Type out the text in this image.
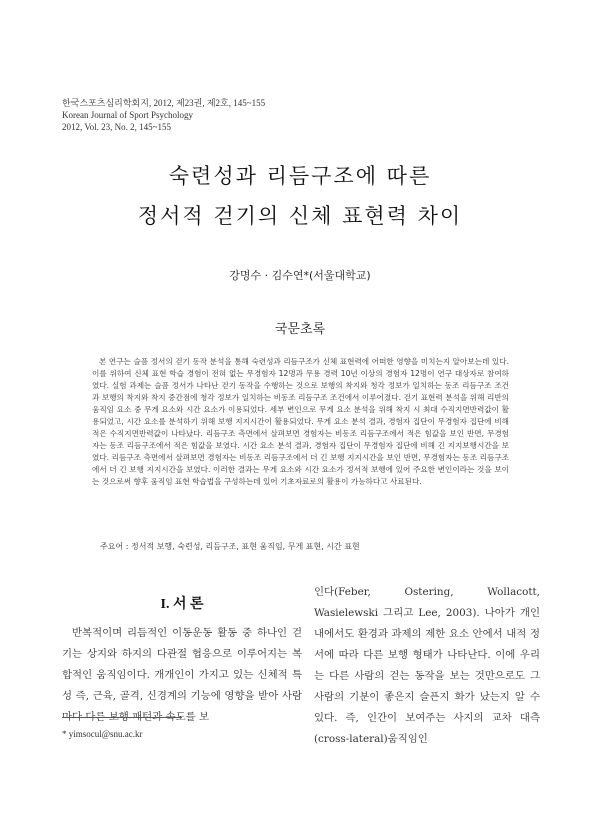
한국스포츠심리학회지, 2012, 제23권, 제2호, 145~155
Korean Journal of Sport Psychology
2012, Vol. 23, No. 2, 145~155
숙련성과 리듬구조에 따른
정서적 걷기의 신체 표현력 차이
강명수 · 김수연*(서울대학교)
국문초록

본 연구는 슬픔 정서의 걷기 동작 분석을 통해 숙련성과 리듬구조가 신체 표현력에 어떠한 영향을 미치는지 알아보는데 있다. 이를 위하여 신체 표현 학습 경험이 전혀 없는 무경험자 12명과 무용 경력 10년 이상의 경험자 12명이 연구 대상자로 참여하였다. 실험 과제는 슬픔 정서가 나타난 걷기 동작을 수행하는 것으로 보행의 착지와 청각 정보가 일치하는 동조 리듬구조 조건과 보행의 착지와 착지 중간점에 청각 정보가 일치하는 비동조 리듬구조 조건에서 이루어졌다. 걷기 표현력 분석을 위해 리반의 움직임 요소 중 무게 요소와 시간 요소가 이용되었다. 세부 변인으로 무게 요소 분석을 위해 착지 시 최대 수직지면반력값이 활용되었고, 시간 요소를 분석하기 위해 보행 지지시간이 활용되었다. 무게 요소 분석 결과, 경험자 집단이 무경험자 집단에 비해 적은 수직지면반력값이 나타났다. 리듬구조 측면에서 살펴보면 경험자는 비동조 리듬구조에서 적은 힘값을 보인 반면, 무경험자는 동조 리듬구조에서 적은 힘값을 보였다. 시간 요소 분석 결과, 경험자 집단이 무경험자 집단에 비해 긴 지지보행시간을 보였다. 리듬구조 측면에서 살펴보면 경험자는 비동조 리듬구조에서 더 긴 보행 지지시간을 보인 반면, 무경험자는 동조 리듬구조에서 더 긴 보행 지지시간을 보였다. 이러한 결과는 무게 요소와 시간 요소가 정서적 보행에 있어 주요한 변인이라는 것을 보이는 것으로써 향후 움직임 표현 학습법을 구성하는데 있어 기초자료로의 활용이 가능하다고 사료된다.

주요어 : 정서적 보행, 숙련성, 리듬구조, 표현 움직임, 무게 표현, 시간 표현
I. 서 론

반복적이며 리듬적인 이동운동 활동 중 하나인 걷기는 상지와 하지의 다관절 협응으로 이루어지는 복합적인 움직임이다. 개개인이 가지고 있는 신체적 특성 즉, 근육, 골격, 신경계의 기능에 영향을 받아 사람마다 다른 보행 패턴과 속도를 보

인다(Feber, Ostering, Wollacott, Wasielewski 그리고 Lee, 2003). 나아가 개인 내에서도 환경과 과제의 제한 요소 안에서 내적 정서에 따라 다른 보행 형태가 나타난다. 이에 우리는 다른 사람의 걷는 동작을 보는 것만으로도 그 사람의 기분이 좋은지 슬픈지 화가 났는지 알 수 있다. 즉, 인간이 보여주는 사지의 교차 대측(cross-lateral)움직임인

* yimsocul@snu.ac.kr
